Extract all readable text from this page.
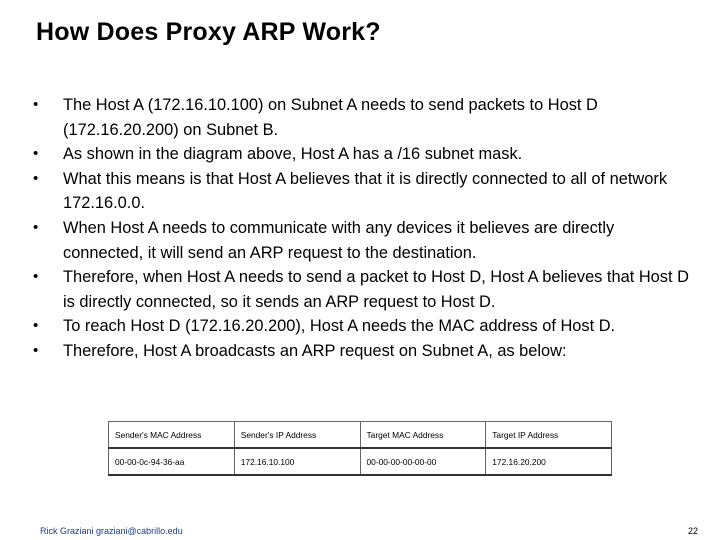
How Does Proxy ARP Work?
• The Host A (172.16.10.100) on Subnet A needs to send packets to Host D (172.16.20.200) on Subnet B.
• As shown in the diagram above, Host A has a /16 subnet mask.
• What this means is that Host A believes that it is directly connected to all of network 172.16.0.0.
• When Host A needs to communicate with any devices it believes are directly connected, it will send an ARP request to the destination.
• Therefore, when Host A needs to send a packet to Host D, Host A believes that Host D is directly connected, so it sends an ARP request to Host D.
• To reach Host D (172.16.20.200), Host A needs the MAC address of Host D.
• Therefore, Host A broadcasts an ARP request on Subnet A, as below:
Sender's MAC Address	Sender's IP Address	Target MAC Address	Target IP Address
00-00-0c-94-36-aa	172.16.10.100	00-00-00-00-00-00	172.16.20.200
Rick Graziani graziani@cabrillo.edu	22
